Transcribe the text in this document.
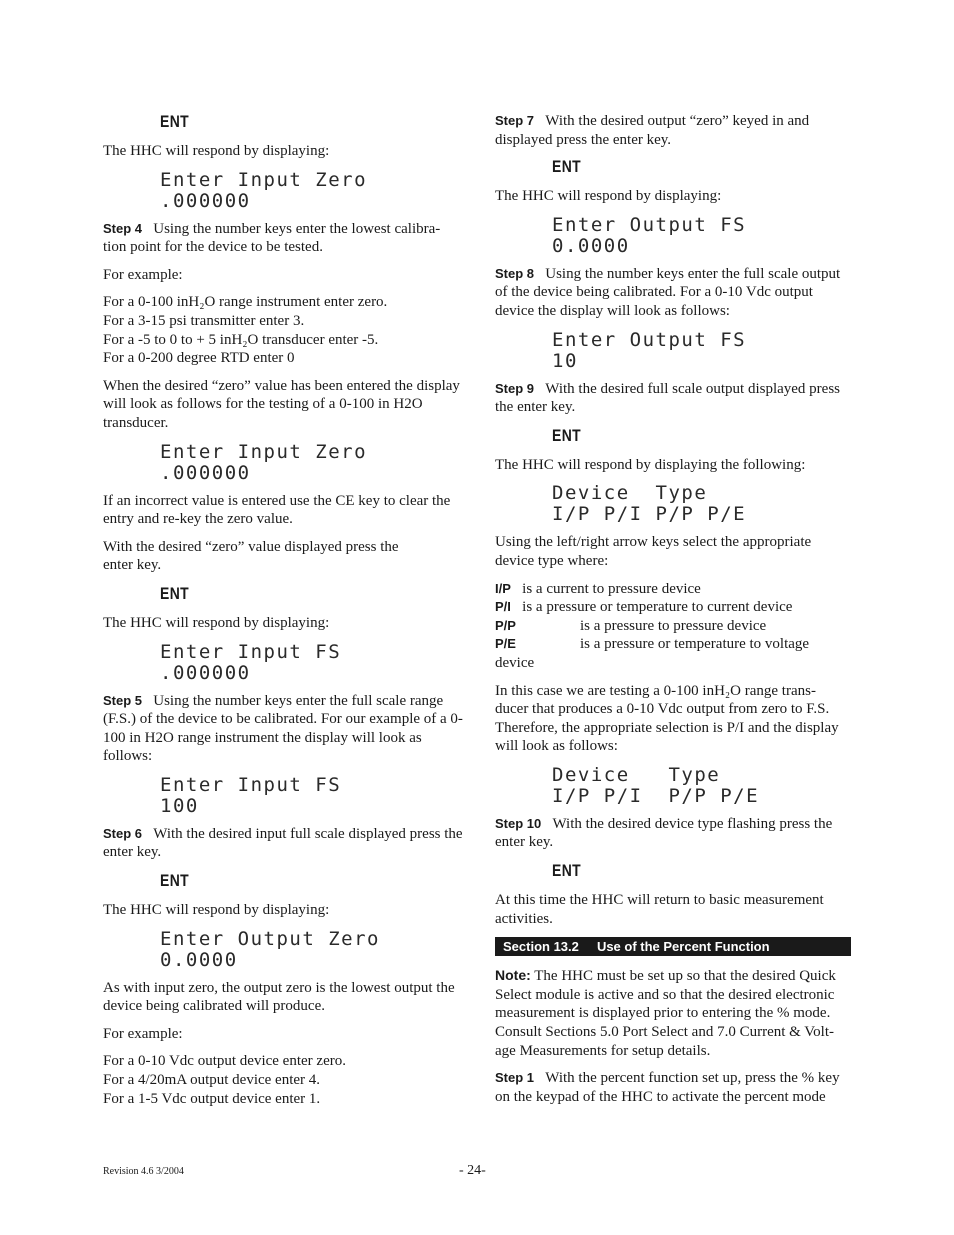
ENT

The HHC will respond by displaying:

Enter Input Zero
.000000

Step 4 Using the number keys enter the lowest calibra- tion point for the device to be tested.

For example:

For a 0-100 inH₂O range instrument enter zero.

For a 3-15 psi transmitter enter 3.

For a -5 to 0 to + 5 inH₂O transducer enter -5.

For a 0-200 degree RTD enter 0

When the desired “zero” value has been entered the display will look as follows for the testing of a 0-100 in H2O transducer.

Enter Input Zero
.000000

If an incorrect value is entered use the CE key to clear the entry and re-key the zero value.

With the desired “zero” value displayed press the enter key.

ENT

The HHC will respond by displaying:

Enter Input FS
.000000

Step 5 Using the number keys enter the full scale range (F.S.) of the device to be calibrated. For our example of a 0-100 in H2O range instrument the display will look as follows:

Enter Input FS
100

Step 6 With the desired input full scale displayed press the enter key.

ENT

The HHC will respond by displaying:

Enter Output Zero
0.0000

As with input zero, the output zero is the lowest output the device being calibrated will produce.

For example:

For a 0-10 Vdc output device enter zero.

For a 4/20mA output device enter 4.

For a 1-5 Vdc output device enter 1.

Step 7 With the desired output “zero” keyed in and displayed press the enter key.

ENT

The HHC will respond by displaying:

Enter Output FS
0.0000

Step 8 Using the number keys enter the full scale output of the device being calibrated. For a 0-10 Vdc output device the display will look as follows:

Enter Output FS
10

Step 9 With the desired full scale output displayed press the enter key.

ENT

The HHC will respond by displaying the following:

Device  Type
I/P P/I P/P P/E

Using the left/right arrow keys select the appropriate device type where:

I/P is a current to pressure device

P/I is a pressure or temperature to current device

P/P	is a pressure to pressure device

P/E	is a pressure or temperature to voltage

device

In this case we are testing a 0-100 inH₂O range trans- ducer that produces a 0-10 Vdc output from zero to F.S. Therefore, the appropriate selection is P/I and the display will look as follows:

Device   Type
I/P P/I  P/P P/E

Step 10 With the desired device type flashing press the enter key.

ENT

At this time the HHC will return to basic measurement activities.

Section 13.2 Use of the Percent Function

Note: The HHC must be set up so that the desired Quick Select module is active and so that the desired electronic measurement is displayed prior to entering the % mode. Consult Sections 5.0 Port Select and 7.0 Current & Volt- age Measurements for setup details.

Step 1 With the percent function set up, press the % key on the keypad of the HHC to activate the percent mode

Revision 4.6 3/2004	- 24-
